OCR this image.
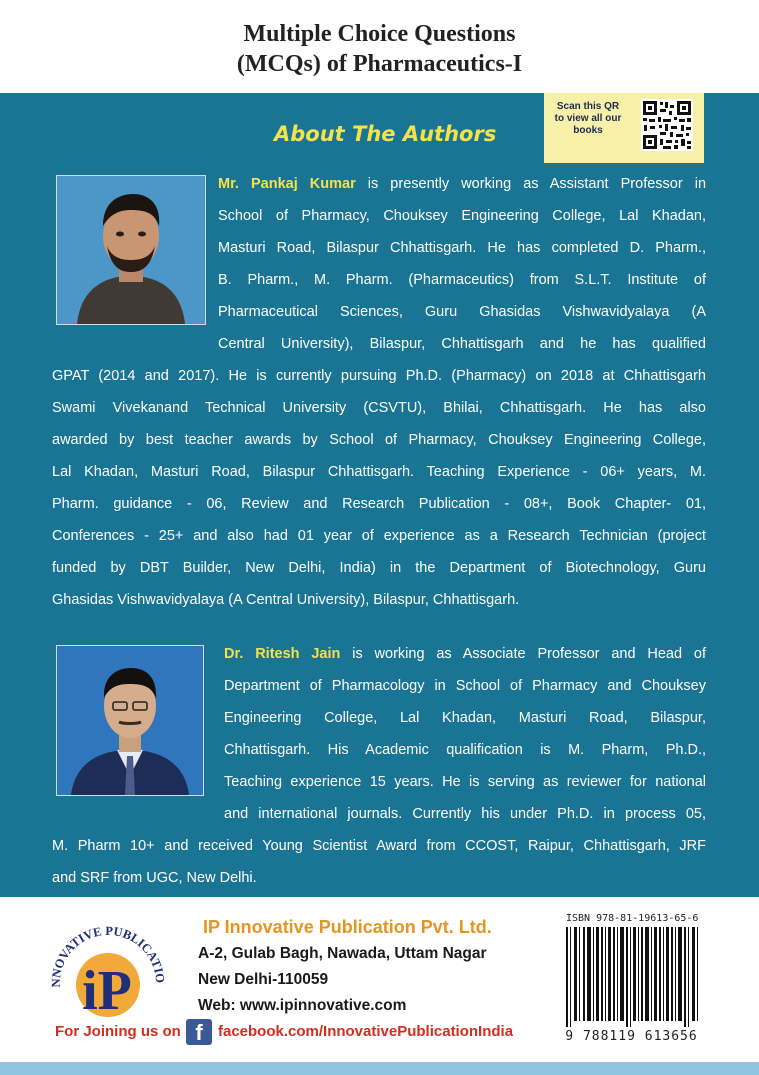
Multiple Choice Questions
(MCQs) of Pharmaceutics-I
Scan this QR to view all our books
About The Authors
Mr. Pankaj Kumar is presently working as Assistant Professor in
School of Pharmacy, Chouksey Engineering College, Lal Khadan,
Masturi Road, Bilaspur Chhattisgarh. He has completed D. Pharm.,
B. Pharm., M. Pharm. (Pharmaceutics) from S.L.T. Institute of
Pharmaceutical Sciences, Guru Ghasidas Vishwavidyalaya (A
Central University), Bilaspur, Chhattisgarh and he has qualified
GPAT (2014 and 2017). He is currently pursuing Ph.D. (Pharmacy) on 2018 at Chhattisgarh
Swami Vivekanand Technical University (CSVTU), Bhilai, Chhattisgarh. He has also
awarded by best teacher awards by School of Pharmacy, Chouksey Engineering College,
Lal Khadan, Masturi Road, Bilaspur Chhattisgarh. Teaching Experience - 06+ years, M.
Pharm. guidance - 06, Review and Research Publication - 08+, Book Chapter- 01,
Conferences - 25+ and also had 01 year of experience as a Research Technician (project
funded by DBT Builder, New Delhi, India) in the Department of Biotechnology, Guru
Ghasidas Vishwavidyalaya (A Central University), Bilaspur, Chhattisgarh.
Dr. Ritesh Jain is working as Associate Professor and Head of
Department of Pharmacology in School of Pharmacy and Chouksey
Engineering College, Lal Khadan, Masturi Road, Bilaspur,
Chhattisgarh. His Academic qualification is M. Pharm, Ph.D.,
Teaching experience 15 years. He is serving as reviewer for national
and international journals. Currently his under Ph.D. in process 05,
M. Pharm 10+ and received Young Scientist Award from CCOST, Raipur, Chhattisgarh, JRF
and SRF from UGC, New Delhi.
NNOVATIVE PUBLICATIO
iP
IP Innovative Publication Pvt. Ltd.
A-2, Gulab Bagh, Nawada, Uttam Nagar
New Delhi-110059
Web: www.ipinnovative.com
For Joining us on f	facebook.com/InnovativePublicationIndia
ISBN 978-81-19613-65-6
9 788119 613656
